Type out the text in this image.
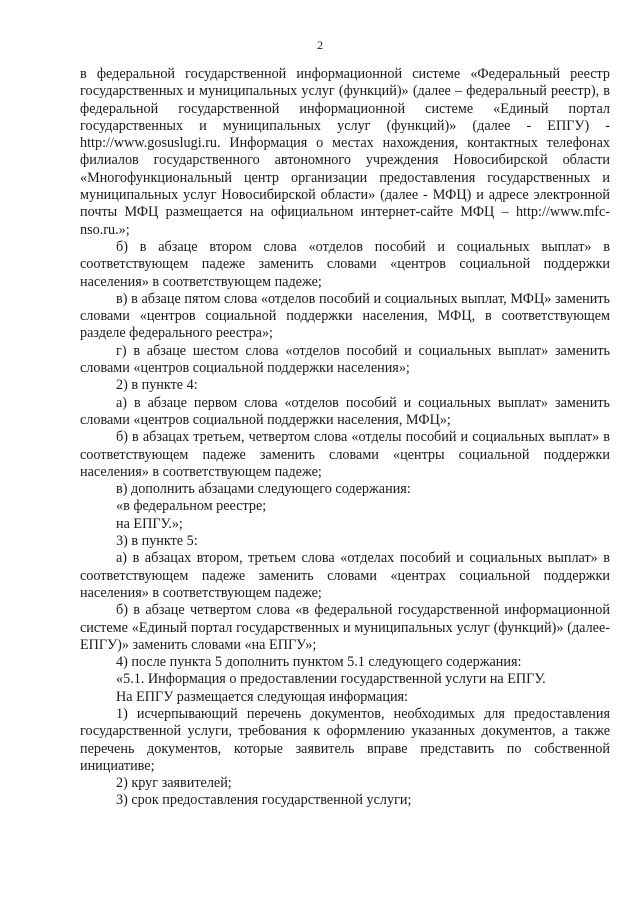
2

в федеральной государственной информационной системе «Федеральный реестр государственных и муниципальных услуг (функций)» (далее – федеральный реестр), в федеральной государственной информационной системе «Единый портал государственных и муниципальных услуг (функций)» (далее - ЕПГУ) - http://www.gosuslugi.ru. Информация о местах нахождения, контактных телефонах филиалов государственного автономного учреждения Новосибирской области «Многофункциональный центр организации предоставления государственных и муниципальных услуг Новосибирской области» (далее - МФЦ) и адресе электронной почты МФЦ размещается на официальном интернет-сайте МФЦ – http://www.mfc-nso.ru.»;

б) в абзаце втором слова «отделов пособий и социальных выплат» в соответствующем падеже заменить словами «центров социальной поддержки населения» в соответствующем падеже;

в) в абзаце пятом слова «отделов пособий и социальных выплат, МФЦ» заменить словами «центров социальной поддержки населения, МФЦ, в соответствующем разделе федерального реестра»;

г) в абзаце шестом слова «отделов пособий и социальных выплат» заменить словами «центров социальной поддержки населения»;

2) в пункте 4:

а) в абзаце первом слова «отделов пособий и социальных выплат» заменить словами «центров социальной поддержки населения, МФЦ»;

б) в абзацах третьем, четвертом слова «отделы пособий и социальных выплат» в соответствующем падеже заменить словами «центры социальной поддержки населения» в соответствующем падеже;

в) дополнить абзацами следующего содержания:

«в федеральном реестре;

на ЕПГУ.»;

3) в пункте 5:

а) в абзацах втором, третьем слова «отделах пособий и социальных выплат» в соответствующем падеже заменить словами «центрах социальной поддержки населения» в соответствующем падеже;

б) в абзаце четвертом слова «в федеральной государственной информационной системе «Единый портал государственных и муниципальных услуг (функций)» (далее-ЕПГУ)» заменить словами «на ЕПГУ»;

4) после пункта 5 дополнить пунктом 5.1 следующего содержания:

«5.1. Информация о предоставлении государственной услуги на ЕПГУ.

На ЕПГУ размещается следующая информация:

1) исчерпывающий перечень документов, необходимых для предоставления государственной услуги, требования к оформлению указанных документов, а также перечень документов, которые заявитель вправе представить по собственной инициативе;

2) круг заявителей;

3) срок предоставления государственной услуги;
